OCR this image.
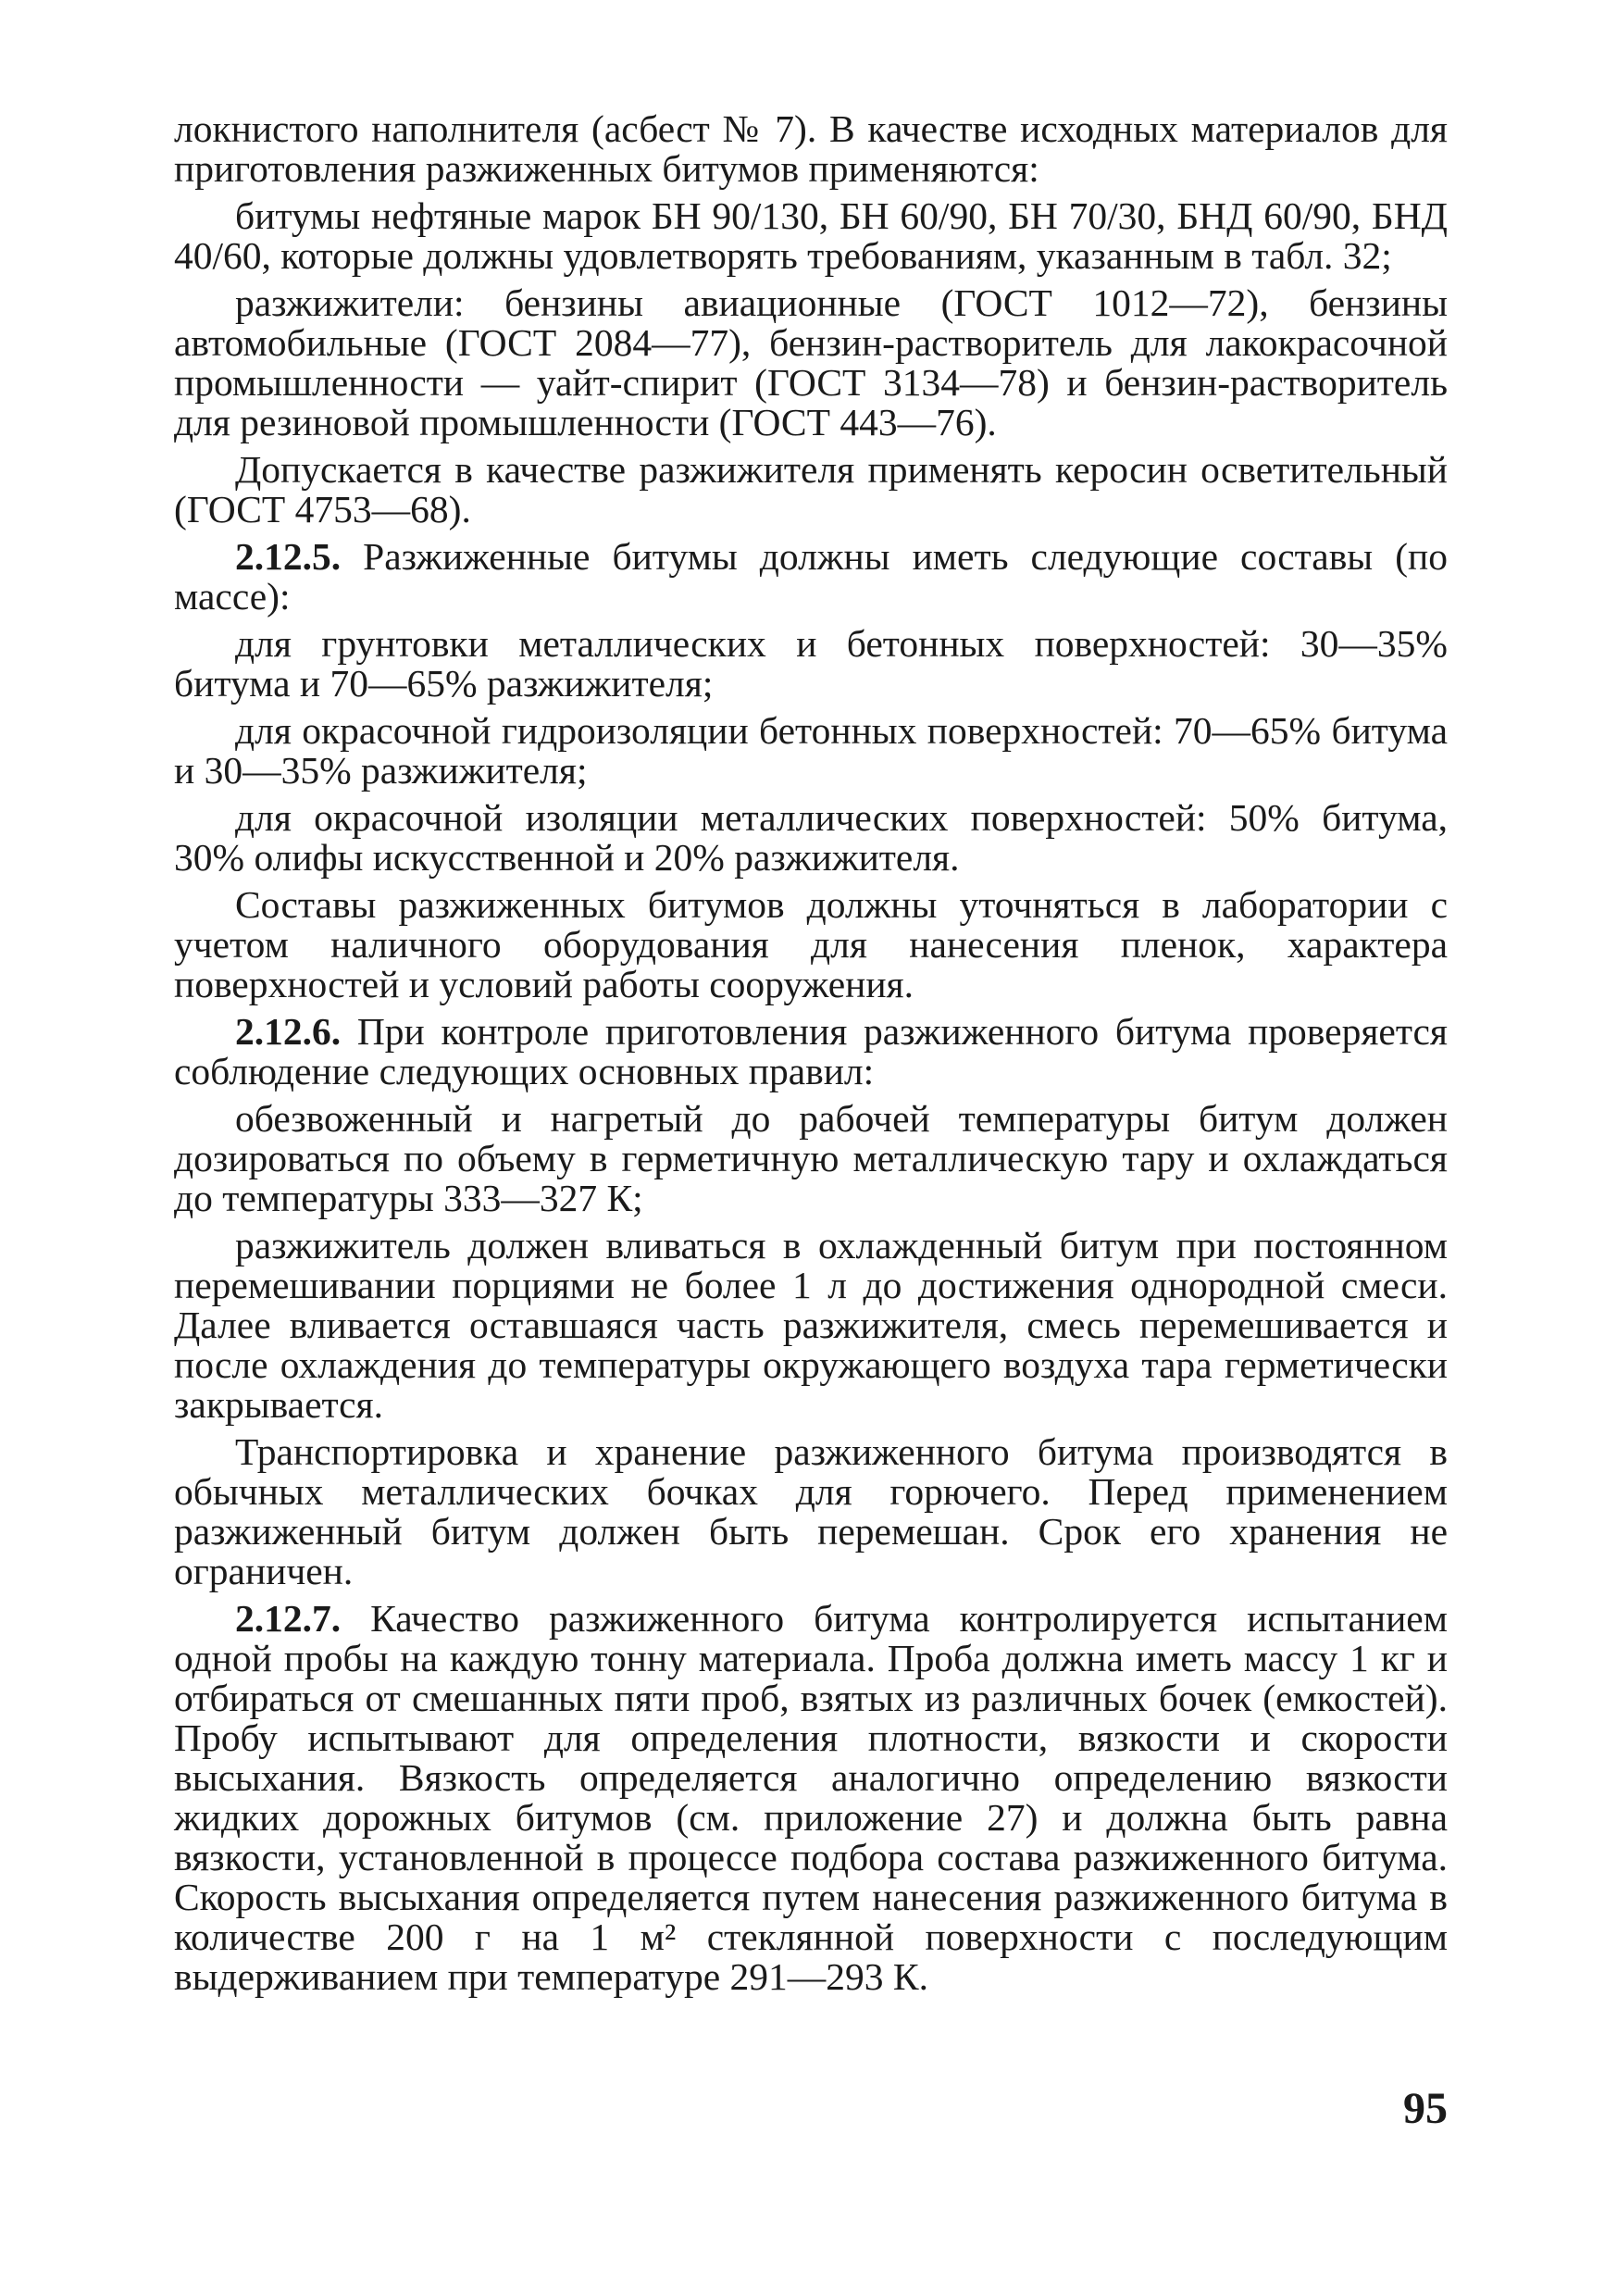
локнистого наполнителя (асбест № 7). В качестве исходных материалов для приготовления разжиженных битумов применяются:

битумы нефтяные марок БН 90/130, БН 60/90, БН 70/30, БНД 60/90, БНД 40/60, которые должны удовлетворять требованиям, указанным в табл. 32;

разжижители: бензины авиационные (ГОСТ 1012—72), бензины автомобильные (ГОСТ 2084—77), бензин-растворитель для лакокрасочной промышленности — уайт-спирит (ГОСТ 3134—78) и бензин-растворитель для резиновой промышленности (ГОСТ 443—76).

Допускается в качестве разжижителя применять керосин осветительный (ГОСТ 4753—68).

2.12.5. Разжиженные битумы должны иметь следующие составы (по массе):

для грунтовки металлических и бетонных поверхностей: 30—35% битума и 70—65% разжижителя;

для окрасочной гидроизоляции бетонных поверхностей: 70—65% битума и 30—35% разжижителя;

для окрасочной изоляции металлических поверхностей: 50% битума, 30% олифы искусственной и 20% разжижителя.

Составы разжиженных битумов должны уточняться в лаборатории с учетом наличного оборудования для нанесения пленок, характера поверхностей и условий работы сооружения.

2.12.6. При контроле приготовления разжиженного битума проверяется соблюдение следующих основных правил:

обезвоженный и нагретый до рабочей температуры битум должен дозироваться по объему в герметичную металлическую тару и охлаждаться до температуры 333—327 К;

разжижитель должен вливаться в охлажденный битум при постоянном перемешивании порциями не более 1 л до достижения однородной смеси. Далее вливается оставшаяся часть разжижителя, смесь перемешивается и после охлаждения до температуры окружающего воздуха тара герметически закрывается.

Транспортировка и хранение разжиженного битума производятся в обычных металлических бочках для горючего. Перед применением разжиженный битум должен быть перемешан. Срок его хранения не ограничен.

2.12.7. Качество разжиженного битума контролируется испытанием одной пробы на каждую тонну материала. Проба должна иметь массу 1 кг и отбираться от смешанных пяти проб, взятых из различных бочек (емкостей). Пробу испытывают для определения плотности, вязкости и скорости высыхания. Вязкость определяется аналогично определению вязкости жидких дорожных битумов (см. приложение 27) и должна быть равна вязкости, установленной в процессе подбора состава разжиженного битума. Скорость высыхания определяется путем нанесения разжиженного битума в количестве 200 г на 1 м² стеклянной поверхности с последующим выдерживанием при температуре 291—293 К.

95
